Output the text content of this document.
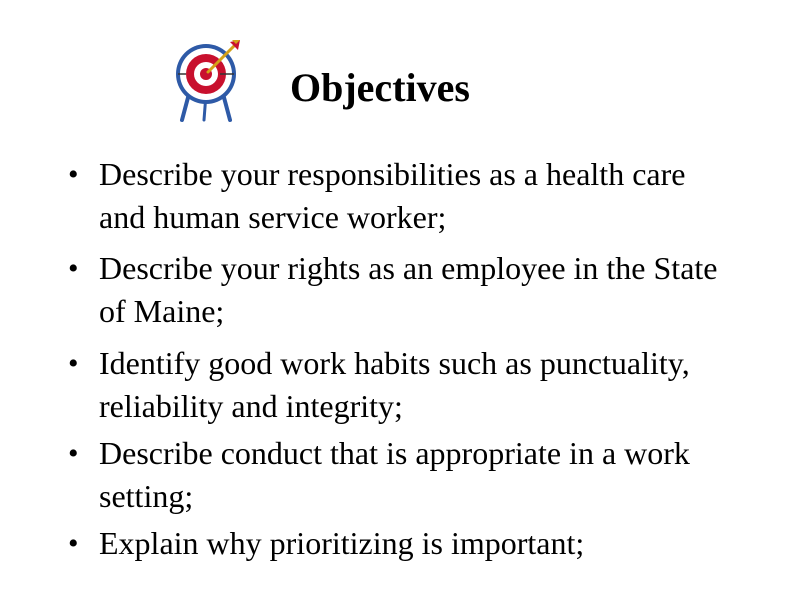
Objectives
• Describe your responsibilities as a health care and human service worker;
• Describe your rights as an employee in the State of Maine;
• Identify good work habits such as punctuality, reliability and integrity;
• Describe conduct that is appropriate in a work setting;
• Explain why prioritizing is important;
